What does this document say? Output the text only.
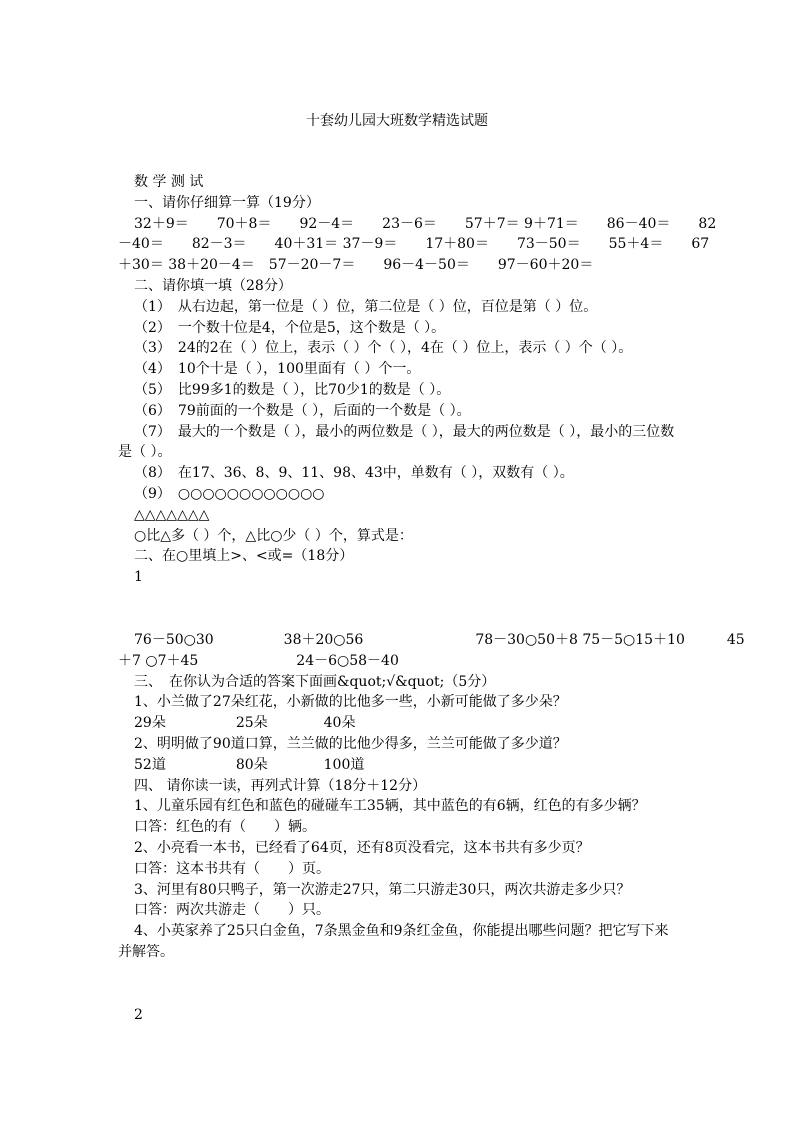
十套幼儿园大班数学精选试题
数 学 测 试
一、请你仔细算一算（19分）
32＋9＝　　70＋8＝　　92－4＝　　23－6＝　　57＋7＝ 9＋71＝　　86－40＝　　82
－40＝　　82－3＝　　40＋31＝ 37－9＝　　17＋80＝　　73－50＝　　55＋4＝　　67
＋30＝ 38＋20－4＝　57－20－7＝　　96－4－50＝　　97－60＋20＝
二、请你填一填（28分）
（1）　从右边起，第一位是（ ）位，第二位是（ ）位，百位是第（ ）位。
（2）　一个数十位是4，个位是5，这个数是（ ）。
（3）　24的2在（ ）位上，表示（ ）个（ ），4在（ ）位上，表示（ ）个（ ）。
（4）　10个十是（ ），100里面有（ ）个一。
（5）　比99多1的数是（ ），比70少1的数是（ ）。
（6）　79前面的一个数是（ ），后面的一个数是（ ）。
（7）　最大的一个数是（ ），最小的两位数是（ ），最大的两位数是（ ），最小的三位数
是（ ）。
（8）　在17、36、8、9、11、98、43中，单数有（ ），双数有（ ）。
（9）　○○○○○○○○○○○○
△△△△△△△
○比△多（ ）个，△比○少（ ）个，算式是：
二、在○里填上>、<或=（18分）
1
76－50○30　　　　　38＋20○56　　　　　　　　78－30○50＋8 75－5○15＋10　　　45
＋7 ○7＋45　　　　　　　24－6○58－40
三、　在你认为合适的答案下面画&quot;√&quot;（5分）
1、小兰做了27朵红花，小新做的比他多一些，小新可能做了多少朵？
29朵　　　　　25朵　　　　40朵
2、明明做了90道口算，兰兰做的比他少得多，兰兰可能做了多少道？
52道　　　　　80朵　　　　100道
四、 请你读一读，再列式计算（18分＋12分）
1、儿童乐园有红色和蓝色的碰碰车工35辆，其中蓝色的有6辆，红色的有多少辆？
口答：红色的有（　　）辆。
2、小亮看一本书，已经看了64页，还有8页没看完，这本书共有多少页？
口答：这本书共有（　　）页。
3、河里有80只鸭子，第一次游走27只，第二只游走30只，两次共游走多少只？
口答：两次共游走（　　）只。
4、小英家养了25只白金鱼，7条黑金鱼和9条红金鱼，你能提出哪些问题？把它写下来
并解答。
2
